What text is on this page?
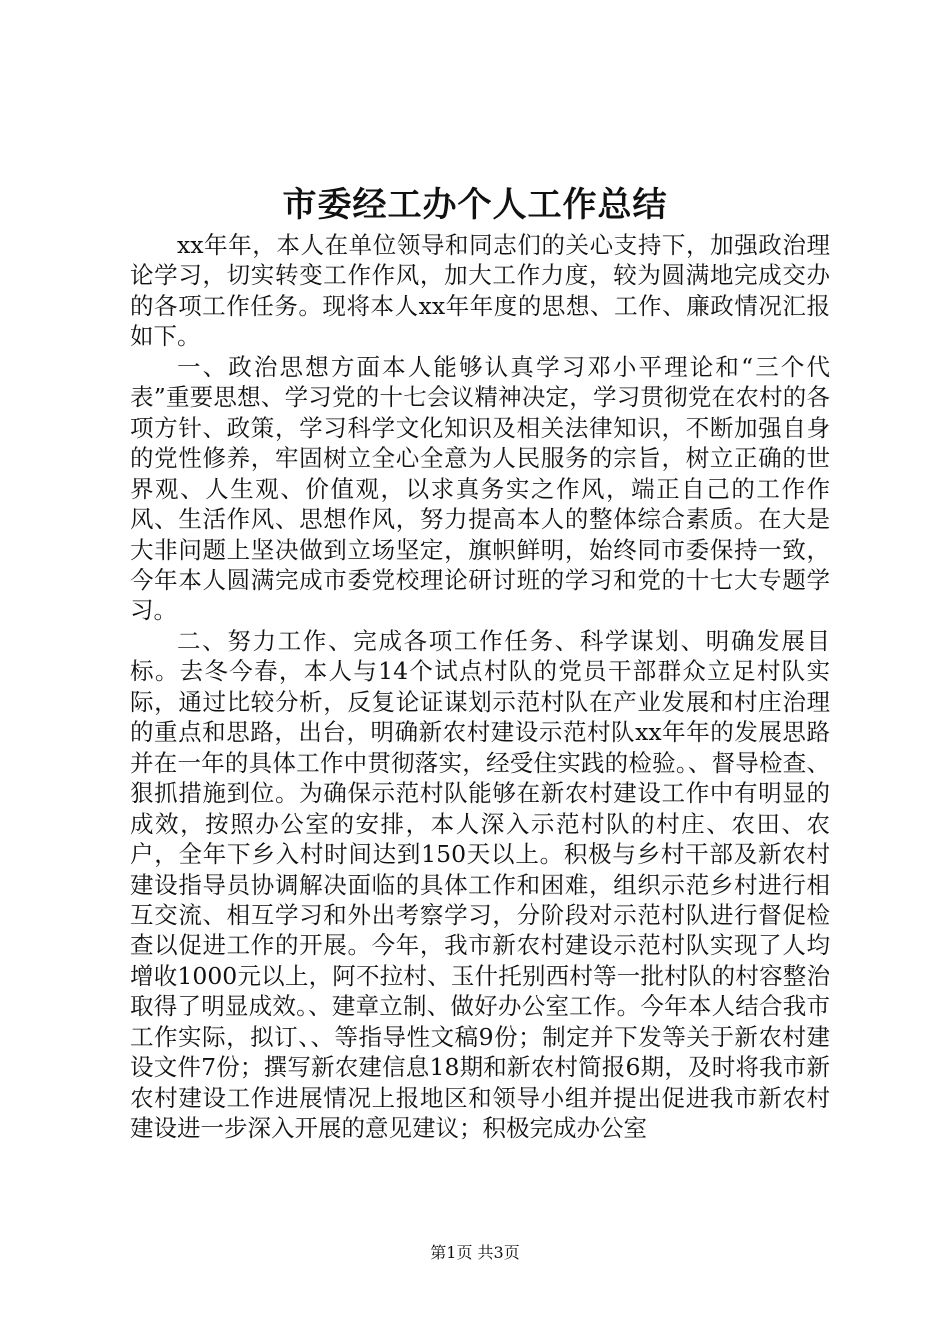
市委经工办个人工作总结

xx年年，本人在单位领导和同志们的关心支持下，加强政治理论学习，切实转变工作作风，加大工作力度，较为圆满地完成交办的各项工作任务。现将本人xx年年度的思想、工作、廉政情况汇报如下。

一、政治思想方面本人能够认真学习邓小平理论和“三个代表”重要思想、学习党的十七会议精神决定，学习贯彻党在农村的各项方针、政策，学习科学文化知识及相关法律知识，不断加强自身的党性修养，牢固树立全心全意为人民服务的宗旨，树立正确的世界观、人生观、价值观，以求真务实之作风，端正自己的工作作风、生活作风、思想作风，努力提高本人的整体综合素质。在大是大非问题上坚决做到立场坚定，旗帜鲜明，始终同市委保持一致，今年本人圆满完成市委党校理论研讨班的学习和党的十七大专题学习。

二、努力工作、完成各项工作任务、科学谋划、明确发展目标。去冬今春，本人与14个试点村队的党员干部群众立足村队实际，通过比较分析，反复论证谋划示范村队在产业发展和村庄治理的重点和思路，出台，明确新农村建设示范村队xx年年的发展思路并在一年的具体工作中贯彻落实，经受住实践的检验。、督导检查、狠抓措施到位。为确保示范村队能够在新农村建设工作中有明显的成效，按照办公室的安排，本人深入示范村队的村庄、农田、农户，全年下乡入村时间达到150天以上。积极与乡村干部及新农村建设指导员协调解决面临的具体工作和困难，组织示范乡村进行相互交流、相互学习和外出考察学习，分阶段对示范村队进行督促检查以促进工作的开展。今年，我市新农村建设示范村队实现了人均增收1000元以上，阿不拉村、玉什托别西村等一批村队的村容整治取得了明显成效。、建章立制、做好办公室工作。今年本人结合我市工作实际，拟订、、等指导性文稿9份；制定并下发等关于新农村建设文件7份；撰写新农建信息18期和新农村简报6期，及时将我市新农村建设工作进展情况上报地区和领导小组并提出促进我市新农村建设进一步深入开展的意见建议；积极完成办公室

第1页 共3页
